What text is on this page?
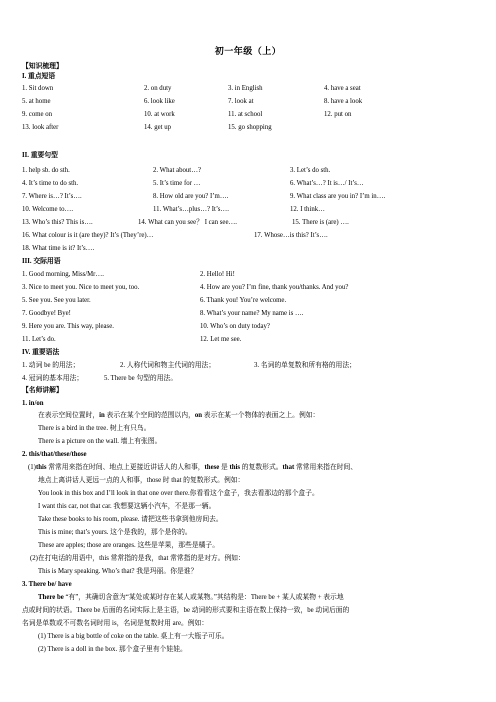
初一年级（上）
【知识梳理】
I. 重点短语
1. Sit down	2. on duty	3. in English	4. have a seat
5. at home	6. look like	7. look at	8. have a look
9. come on	10. at work	11. at school	12. put on
13. look after	14. get up	15. go shopping
II. 重要句型
1. help sb. do sth.	2. What about…?	3. Let’s do sth.
4. It’s time to do sth.	5. It’s time for …	6. What’s…? It is…/ It’s…
7. Where is…? It’s….	8. How old are you? I’m….	9. What class are you in? I’m in….
10. Welcome to….	11. What’s…plus…? It’s….	12. I think…
13. Who’s this? This is….	14. What can you see？ I can see….	15. There is (are) ….
16. What colour is it (are they)? It’s (They’re)…	17. Whose…is this? It’s….
18. What time is it? It’s….
III. 交际用语
1. Good morning, Miss/Mr….	2. Hello! Hi!
3. Nice to meet you. Nice to meet you, too.	4. How are you? I’m fine, thank you/thanks. And you?
5. See you. See you later.	6. Thank you! You’re welcome.
7. Goodbye! Bye!	8. What’s your name? My name is ….
9. Here you are. This way, please.	10. Who’s on duty today?
11. Let’s do.	12. Let me see.
IV. 重要语法
1. 动词 be 的用法；	2. 人称代词和物主代词的用法；	3. 名词的单复数和所有格的用法；
4. 冠词的基本用法；	5. There be 句型的用法。
【名师讲解】
1. in/on
在表示空间位置时，in 表示在某个空间的范围以内，on 表示在某一个物体的表面之上。例如：
There is a bird in the tree. 树上有只鸟。
There is a picture on the wall. 墙上有张图。
2. this/that/these/those
(1)this 常常用来指在时间、地点上更接近讲话人的人和事，these 是 this 的复数形式。that 常常用来指在时间、
地点上离讲话人更远一点的人和事，those 时 that 的复数形式。例如：
You look in this box and I’ll look in that one over there.你看看这个盒子，我去看那边的那个盒子。
I want this car, not that car. 我想要这辆小汽车，不是那一辆。
Take these books to his room, please. 请把这些书拿到他房间去。
This is mine; that’s yours. 这个是我的，那个是你的。
These are apples; those are oranges. 这些是苹果，那些是橘子。
(2)在打电话的用语中，this 常常指的是我，that 常常指的是对方。例如：
This is Mary speaking. Who’s that? 我是玛丽。你是谁？
3. There be/ have
There be “有”，其确切含意为“某处或某时存在某人或某物。”其结构是：There be + 某人或某物 + 表示地
点或时间的状语。There be 后面的名词实际上是主语，be 动词的形式要和主语在数上保持一致，be 动词后面的
名词是单数或不可数名词时用 is，名词是复数时用 are。例如：
(1) There is a big bottle of coke on the table. 桌上有一大瓶子可乐。
(2) There is a doll in the box. 那个盒子里有个娃娃。
